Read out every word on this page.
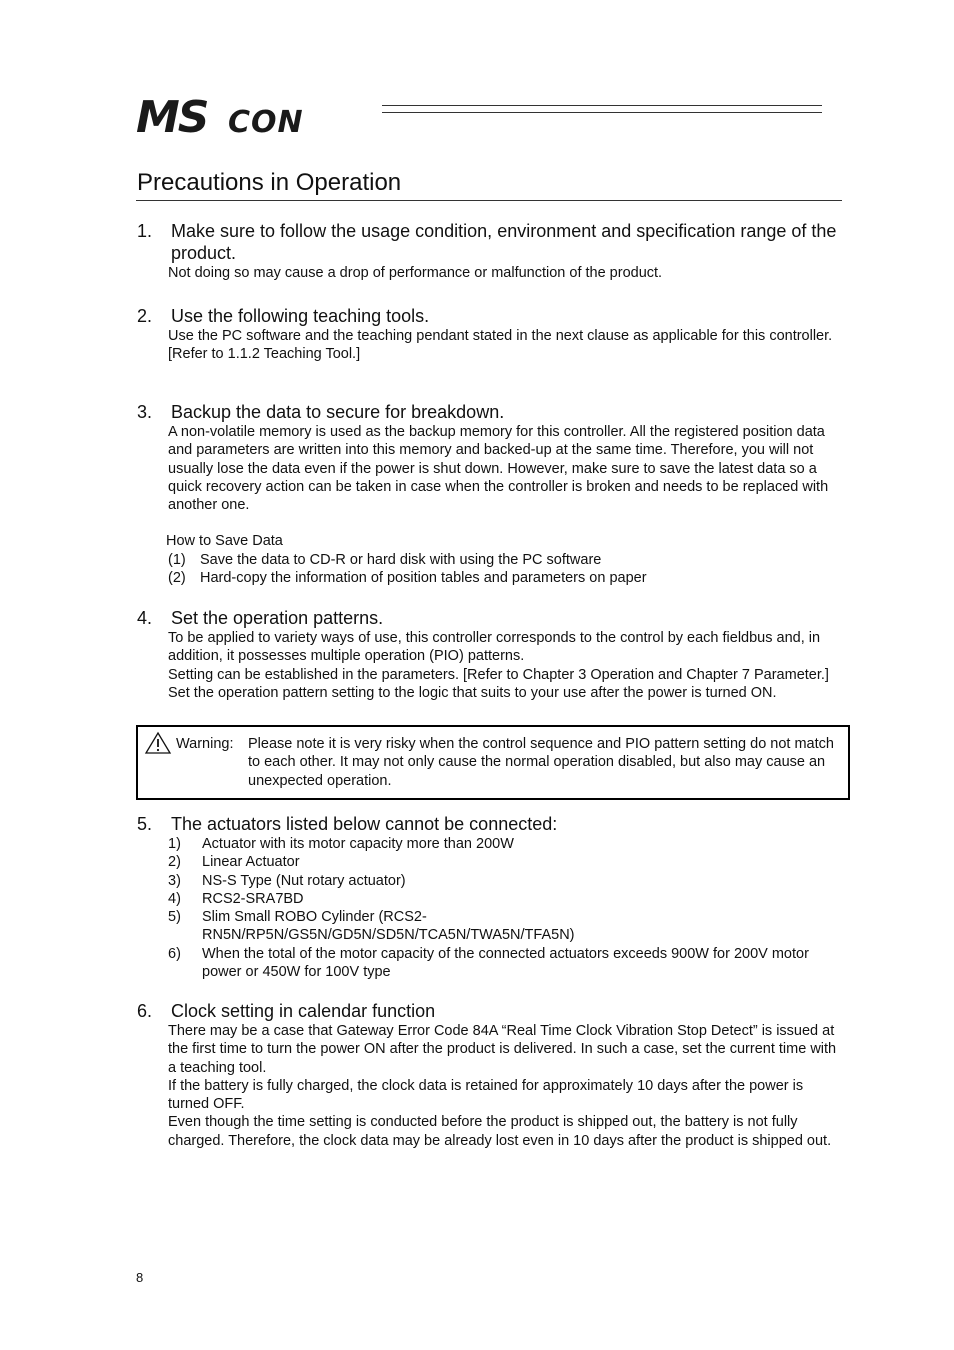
MS CON
Precautions in Operation
1.	Make sure to follow the usage condition, environment and specification range of the product.

Not doing so may cause a drop of performance or malfunction of the product.

2.	Use the following teaching tools.

Use the PC software and the teaching pendant stated in the next clause as applicable for this controller.

[Refer to 1.1.2 Teaching Tool.]

3.	Backup the data to secure for breakdown.

A non-volatile memory is used as the backup memory for this controller. All the registered position data and parameters are written into this memory and backed-up at the same time. Therefore, you will not usually lose the data even if the power is shut down. However, make sure to save the latest data so a quick recovery action can be taken in case when the controller is broken and needs to be replaced with another one.

How to Save Data
(1) Save the data to CD-R or hard disk with using the PC software
(2) Hard-copy the information of position tables and parameters on paper
4.	Set the operation patterns.

To be applied to variety ways of use, this controller corresponds to the control by each fieldbus and, in addition, it possesses multiple operation (PIO) patterns.

Setting can be established in the parameters. [Refer to Chapter 3 Operation and Chapter 7 Parameter.]

Set the operation pattern setting to the logic that suits to your use after the power is turned ON.

Warning: Please note it is very risky when the control sequence and PIO pattern setting do not match to each other. It may not only cause the normal operation disabled, but also may cause an unexpected operation.
5.	The actuators listed below cannot be connected:
1)	Actuator with its motor capacity more than 200W
2)	Linear Actuator
3)	NS-S Type (Nut rotary actuator)
4)	RCS2-SRA7BD
5)	Slim Small ROBO Cylinder (RCS2-RN5N/RP5N/GS5N/GD5N/SD5N/TCA5N/TWA5N/TFA5N)
6)	When the total of the motor capacity of the connected actuators exceeds 900W for 200V motor power or 450W for 100V type
6.	Clock setting in calendar function

There may be a case that Gateway Error Code 84A “Real Time Clock Vibration Stop Detect” is issued at the first time to turn the power ON after the product is delivered. In such a case, set the current time with a teaching tool.

If the battery is fully charged, the clock data is retained for approximately 10 days after the power is turned OFF.

Even though the time setting is conducted before the product is shipped out, the battery is not fully charged. Therefore, the clock data may be already lost even in 10 days after the product is shipped out.

8
